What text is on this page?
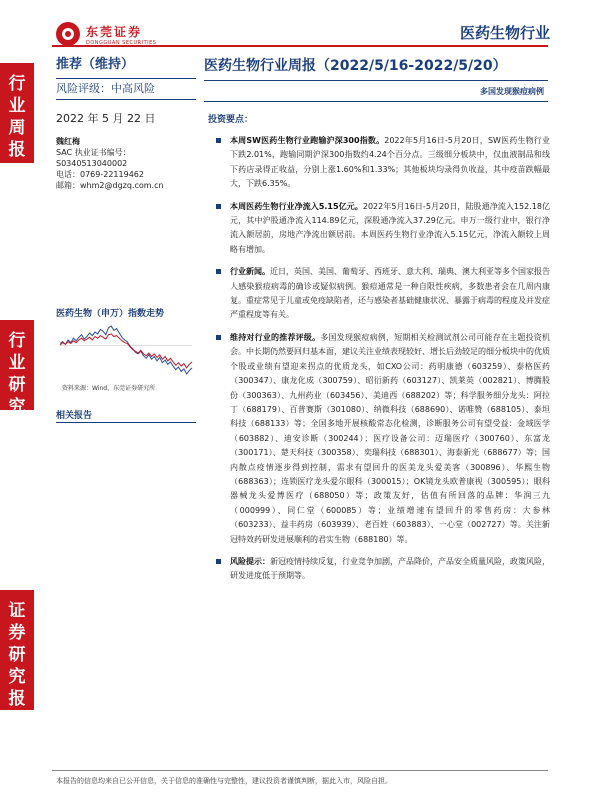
东莞证券
DONGGUAN SECURITIES
医药生物行业
行
业
周
报
行
业
研
究
证
券
研
究
报
告
推荐（维持）
风险评级：中高风险
2022 年 5 月 22 日
魏红梅
SAC 执业证书编号：
S0340513040002
电话：0769-22119462
邮箱：whm2@dgzq.com.cn
医药生物（申万）指数走势
资料来源：Wind，东莞证券研究所
相关报告
医药生物行业周报（2022/5/16-2022/5/20）
多国发现猴痘病例
投资要点：
本周SW医药生物行业跑输沪深300指数。2022年5月16日-5月20日，SW医药生物行业下跌2.01%，跑输同期沪深300指数约4.24个百分点。三级细分板块中，仅血液制品和线下药店录得正收益，分别上涨1.60%和1.33%；其他板块均录得负收益，其中疫苗跌幅最大，下跌6.35%。
本周医药生物行业净流入5.15亿元。2022年5月16日-5月20日，陆股通净流入152.18亿元，其中沪股通净流入114.89亿元，深股通净流入37.29亿元。申万一级行业中，银行净流入额居前，房地产净流出额居前。本周医药生物行业净流入5.15亿元，净流入额较上周略有增加。
行业新闻。近日，英国、美国、葡萄牙、西班牙、意大利、瑞典、澳大利亚等多个国家报告人感染猴痘病毒的确诊或疑似病例。猴痘通常是一种自限性疾病，多数患者会在几周内康复。重症常见于儿童或免疫缺陷者，还与感染者基础健康状况、暴露于病毒的程度及并发症严重程度等有关。
维持对行业的推荐评级。多国发现猴痘病例，短期相关检测试剂公司可能存在主题投资机会。中长期仍然要回归基本面，建议关注业绩表现较好、增长后劲较足的细分板块中的优质个股或业绩有望迎来拐点的优质龙头，如CXO公司：药明康德（603259）、泰格医药（300347）、康龙化成（300759）、昭衍新药（603127）、凯莱英（002821）、博腾股份（300363）、九州药业（603456）、美迪西（688202）等；科学服务细分龙头：阿拉丁（688179）、百普赛斯（301080）、纳微科技（688690）、诺唯赞（688105）、泰坦科技（688133）等；全国多地开展核酸常态化检测，诊断服务公司有望受益：金域医学（603882）、迪安诊断（300244）；医疗设备公司：迈瑞医疗（300760）、东富龙（300171）、楚天科技（300358）、奕瑞科技（688301）、海泰新光（688677）等；国内散点疫情逐步得到控制，需求有望回升的医美龙头爱美客（300896）、华熙生物（688363）；连锁医疗龙头爱尔眼科（300015）；OK镜龙头欧普康视（300595）；眼科器械龙头爱博医疗（688050）等；政策友好，估值有所回落的品牌：华润三九（000999）、同仁堂（600085）等；业绩增速有望回升的零售药房：大参林（603233）、益丰药房（603939）、老百姓（603883）、一心堂（002727）等。关注新冠特效药研发进展顺利的君实生物（688180）等。
风险提示：新冠疫情持续反复，行业竞争加剧，产品降价，产品安全质量风险，政策风险，研发进度低于预期等。
本报告的信息均来自已公开信息，关于信息的准确性与完整性，建议投资者谨慎判断，据此入市，风险自担。
